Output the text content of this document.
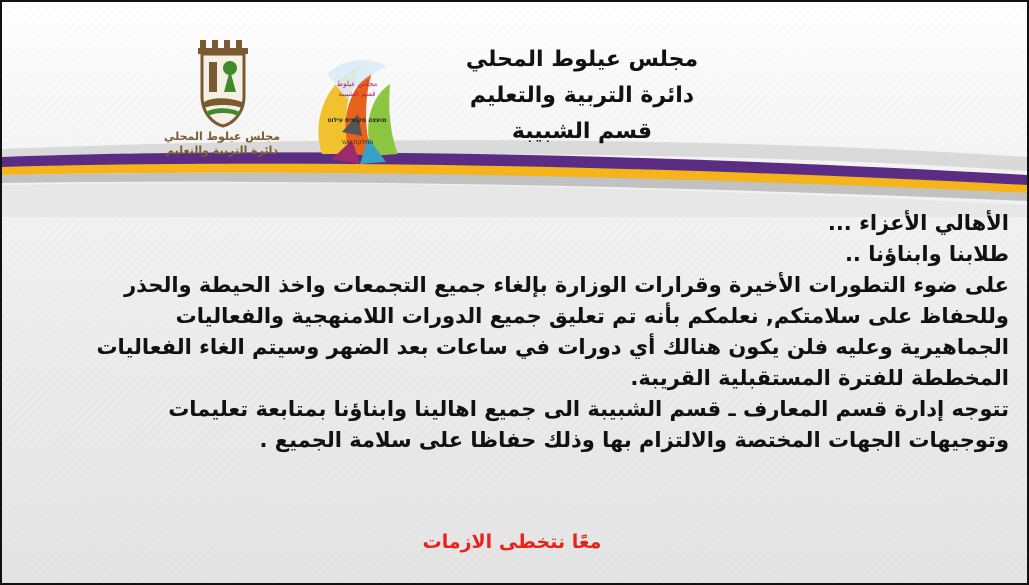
مجلس عيلوط المحلي
دائرة التربية والتعليم
قسم الشبيبة
مجلس عيلوط
قسم الشبيبة
מועצה מקומית עילוט
מחלקת נוער
مجلس عيلوط المحلي
دائرة التربية والتعليم
الأهالي الأعزاء ...
طلابنا وابناؤنا ..
على ضوء التطورات الأخيرة وقرارات الوزارة بإلغاء جميع التجمعات واخذ الحيطة والحذر
وللحفاظ على سلامتكم, نعلمكم بأنه تم تعليق جميع الدورات اللامنهجية والفعاليات
الجماهيرية وعليه فلن يكون هنالك أي دورات في ساعات بعد الضهر وسيتم الغاء الفعاليات
المخططة للفترة المستقبلية القريبة.
تتوجه إدارة قسم المعارف ـ قسم الشبيبة الى جميع اهالينا وابناؤنا بمتابعة تعليمات
وتوجيهات الجهات المختصة والالتزام بها وذلك حفاظا على سلامة الجميع .
معًا نتخطى الازمات
